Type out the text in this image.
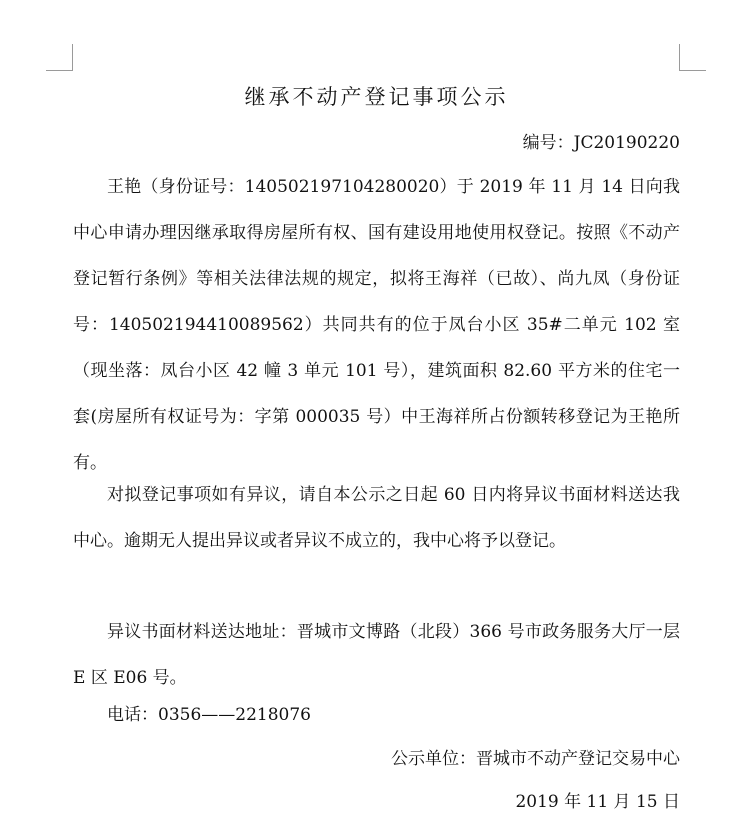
继承不动产登记事项公示
编号：JC20190220

王艳（身份证号：140502197104280020）于 2019 年 11 月 14 日向我中心申请办理因继承取得房屋所有权、国有建设用地使用权登记。按照《不动产登记暂行条例》等相关法律法规的规定，拟将王海祥（已故）、尚九凤（身份证号：140502194410089562）共同共有的位于凤台小区 35#二单元 102 室（现坐落：凤台小区 42 幢 3 单元 101 号），建筑面积 82.60 平方米的住宅一套(房屋所有权证号为：字第 000035 号）中王海祥所占份额转移登记为王艳所有。

对拟登记事项如有异议，请自本公示之日起 60 日内将异议书面材料送达我中心。逾期无人提出异议或者异议不成立的，我中心将予以登记。

异议书面材料送达地址：晋城市文博路（北段）366 号市政务服务大厅一层 E 区 E06 号。

电话：0356——2218076

公示单位：晋城市不动产登记交易中心
2019 年 11 月 15 日
